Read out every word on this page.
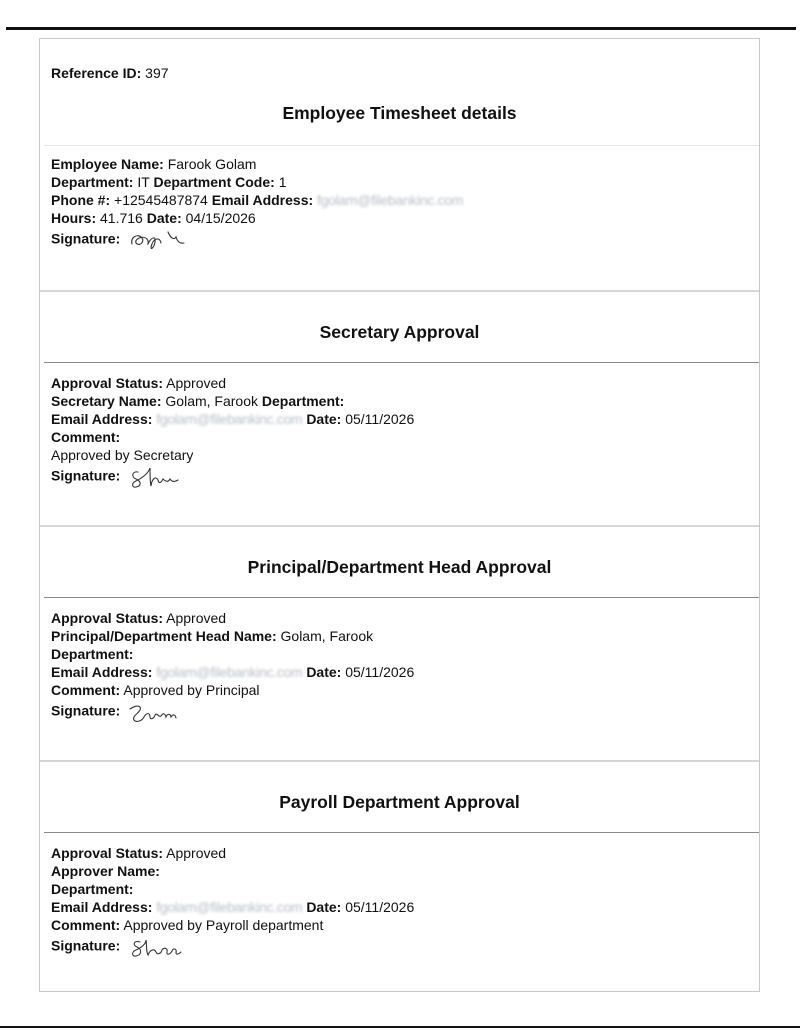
Reference ID: 397
Employee Timesheet details
Employee Name: Farook Golam
Department: IT Department Code: 1
Phone #: +12545487874 Email Address: fgolam@filebankinc.com
Hours: 41.716 Date: 04/15/2026
Signature:
Secretary Approval
Approval Status: Approved
Secretary Name: Golam, Farook Department:
Email Address: fgolam@filebankinc.com Date: 05/11/2026
Comment:
Approved by Secretary
Signature:
Principal/Department Head Approval
Approval Status: Approved
Principal/Department Head Name: Golam, Farook
Department:
Email Address: fgolam@filebankinc.com Date: 05/11/2026
Comment: Approved by Principal
Signature:
Payroll Department Approval
Approval Status: Approved
Approver Name:
Department:
Email Address: fgolam@filebankinc.com Date: 05/11/2026
Comment: Approved by Payroll department
Signature:
